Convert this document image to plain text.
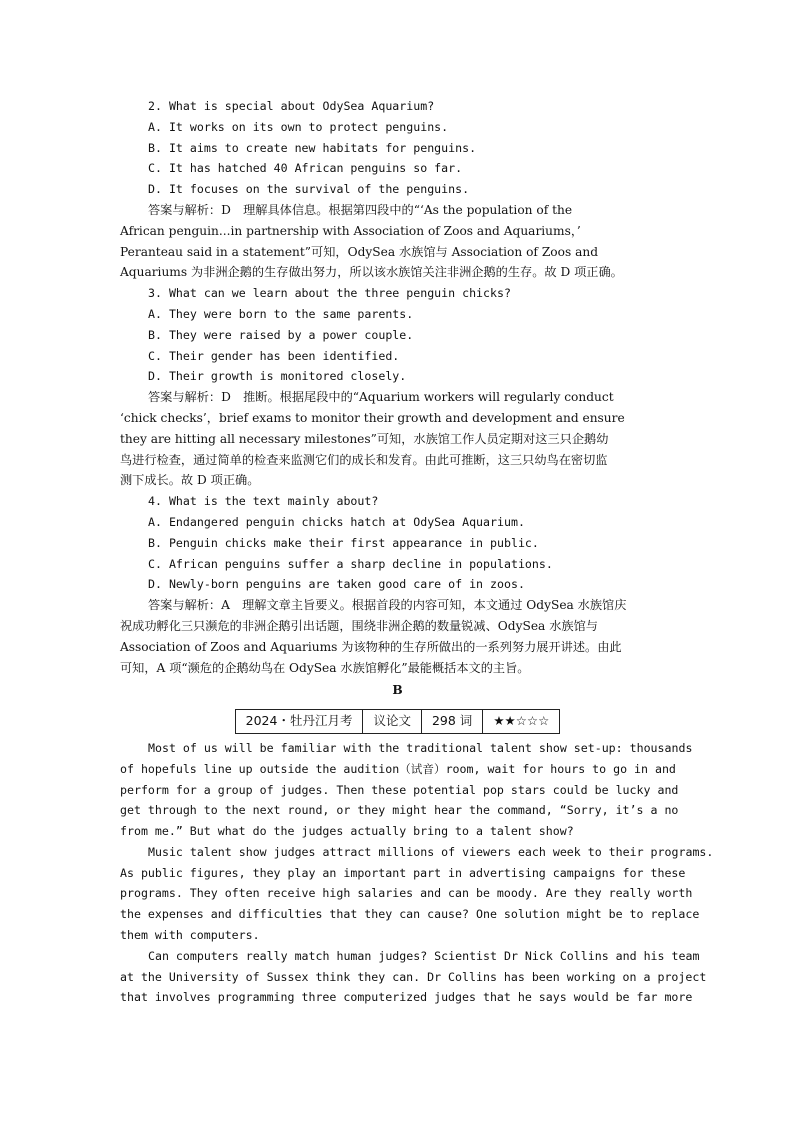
2. What is special about OdySea Aquarium?
A. It works on its own to protect penguins.
B. It aims to create new habitats for penguins.
C. It has hatched 40 African penguins so far.
D. It focuses on the survival of the penguins.
答案与解析：D　理解具体信息。根据第四段中的“‘As the population of the
African penguin...in partnership with Association of Zoos and Aquariums，’
Peranteau said in a statement”可知，OdySea 水族馆与 Association of Zoos and
Aquariums 为非洲企鹅的生存做出努力，所以该水族馆关注非洲企鹅的生存。故 D 项正确。
3. What can we learn about the three penguin chicks?
A. They were born to the same parents.
B. They were raised by a power couple.
C. Their gender has been identified.
D. Their growth is monitored closely.
答案与解析：D　推断。根据尾段中的“Aquarium workers will regularly conduct
‘chick checks’，brief exams to monitor their growth and development and ensure
they are hitting all necessary milestones”可知，水族馆工作人员定期对这三只企鹅幼
鸟进行检查，通过简单的检查来监测它们的成长和发育。由此可推断，这三只幼鸟在密切监
测下成长。故 D 项正确。
4. What is the text mainly about?
A. Endangered penguin chicks hatch at OdySea Aquarium.
B. Penguin chicks make their first appearance in public.
C. African penguins suffer a sharp decline in populations.
D. Newly-born penguins are taken good care of in zoos.
答案与解析：A　理解文章主旨要义。根据首段的内容可知，本文通过 OdySea 水族馆庆
祝成功孵化三只濒危的非洲企鹅引出话题，围绕非洲企鹅的数量锐减、OdySea 水族馆与
Association of Zoos and Aquariums 为该物种的生存所做出的一系列努力展开讲述。由此
可知，A 项“濒危的企鹅幼鸟在 OdySea 水族馆孵化”最能概括本文的主旨。
B
2024・牡丹江月考	议论文	298 词	★★☆☆☆
Most of us will be familiar with the traditional talent show set-up: thousands
of hopefuls line up outside the audition（试音）room, wait for hours to go in and
perform for a group of judges. Then these potential pop stars could be lucky and
get through to the next round, or they might hear the command, “Sorry, it’s a no
from me.” But what do the judges actually bring to a talent show?
Music talent show judges attract millions of viewers each week to their programs.
As public figures, they play an important part in advertising campaigns for these
programs. They often receive high salaries and can be moody. Are they really worth
the expenses and difficulties that they can cause? One solution might be to replace
them with computers.
Can computers really match human judges? Scientist Dr Nick Collins and his team
at the University of Sussex think they can. Dr Collins has been working on a project
that involves programming three computerized judges that he says would be far more
